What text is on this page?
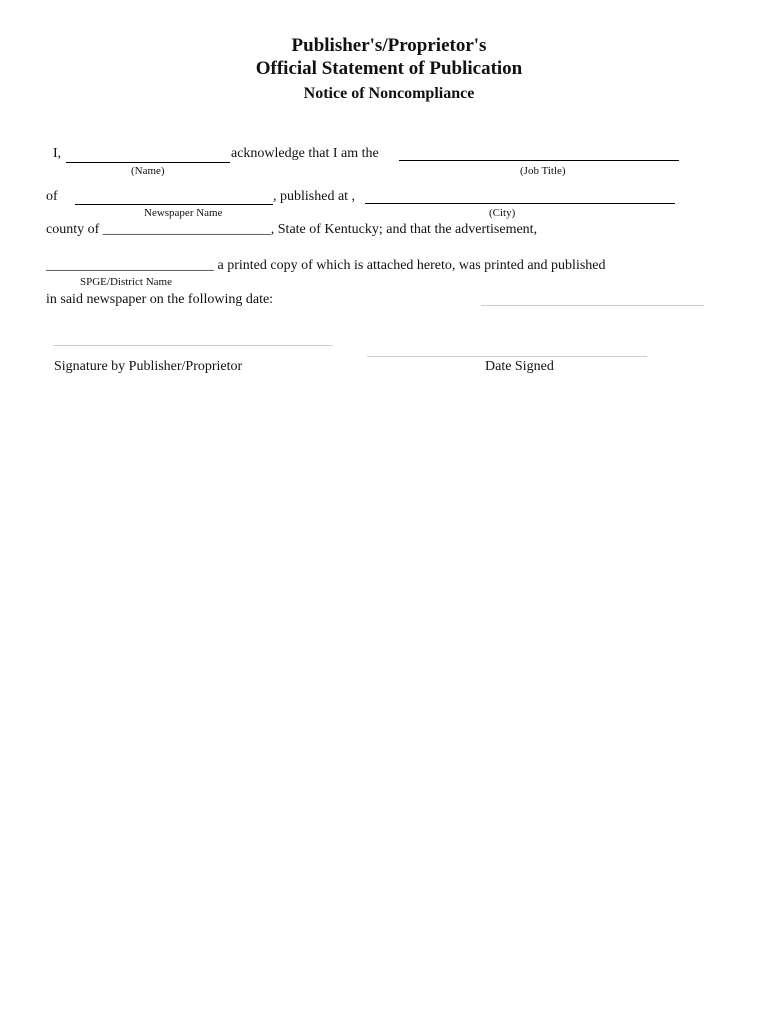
Publisher's/Proprietor's
Official Statement of Publication
Notice of Noncompliance
I,	acknowledge that I am the
(Name)	(Job Title)
of	, published at ,
Newspaper Name	(City)
county of ________________________, State of Kentucky; and that the advertisement,
________________________ a printed copy of which is attached hereto, was printed and published
SPGE/District Name
in said newspaper on the following date:
Signature by Publisher/Proprietor	Date Signed
